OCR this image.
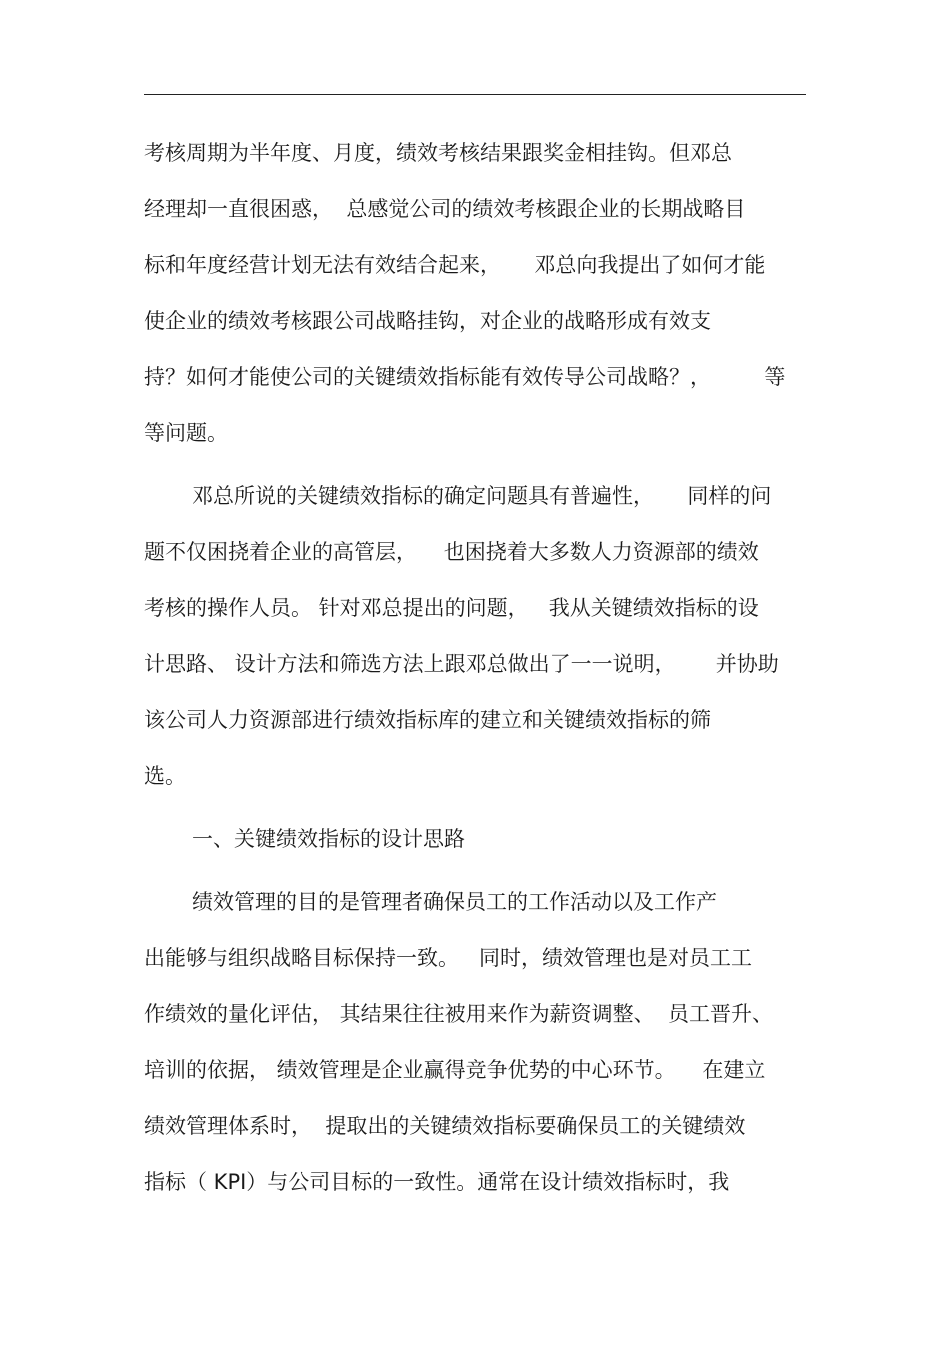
考核周期为半年度、月度，绩效考核结果跟奖金相挂钩。但邓总
经理却一直很困惑，  总感觉公司的绩效考核跟企业的长期战略目
标和年度经营计划无法有效结合起来，     邓总向我提出了如何才能
使企业的绩效考核跟公司战略挂钩，对企业的战略形成有效支
持？如何才能使公司的关键绩效指标能有效传导公司战略？，        等
等问题。
邓总所说的关键绩效指标的确定问题具有普遍性，     同样的问
题不仅困挠着企业的高管层，    也困挠着大多数人力资源部的绩效
考核的操作人员。 针对邓总提出的问题，   我从关键绩效指标的设
计思路、 设计方法和筛选方法上跟邓总做出了一一说明，      并协助
该公司人力资源部进行绩效指标库的建立和关键绩效指标的筛
选。
一、关键绩效指标的设计思路
绩效管理的目的是管理者确保员工的工作活动以及工作产
出能够与组织战略目标保持一致。   同时，绩效管理也是对员工工
作绩效的量化评估， 其结果往往被用来作为薪资调整、  员工晋升、
培训的依据， 绩效管理是企业赢得竞争优势的中心环节。    在建立
绩效管理体系时，  提取出的关键绩效指标要确保员工的关键绩效
指标（ KPI）与公司目标的一致性。通常在设计绩效指标时，我
